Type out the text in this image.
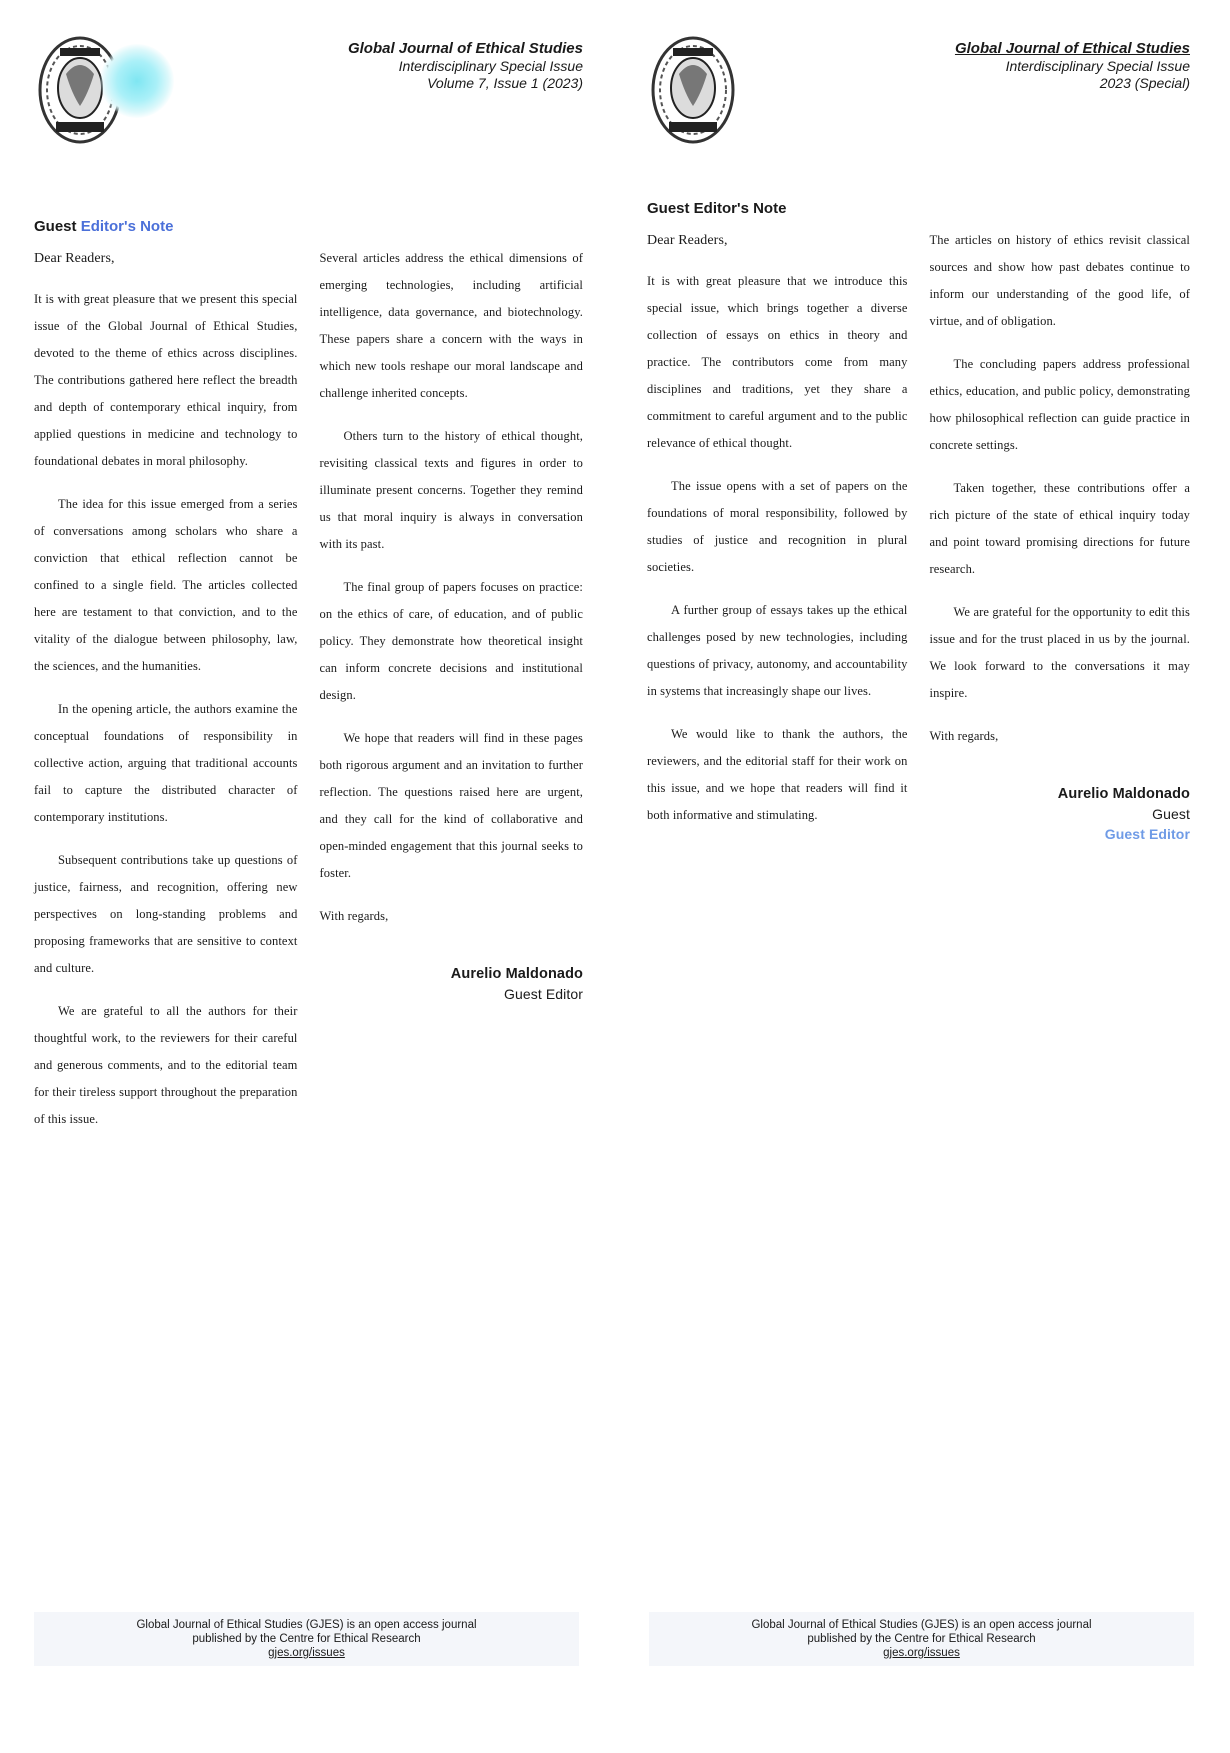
Global Journal of Ethical Studies
Interdisciplinary Special Issue
Volume 7, Issue 1 (2023)
Guest Editor's Note
Dear Readers,

It is with great pleasure that we present this special issue of the Global Journal of Ethical Studies, devoted to the theme of ethics across disciplines. The contributions gathered here reflect the breadth and depth of contemporary ethical inquiry, from applied questions in medicine and technology to foundational debates in moral philosophy.

The idea for this issue emerged from a series of conversations among scholars who share a conviction that ethical reflection cannot be confined to a single field. The articles collected here are testament to that conviction, and to the vitality of the dialogue between philosophy, law, the sciences, and the humanities.

In the opening article, the authors examine the conceptual foundations of responsibility in collective action, arguing that traditional accounts fail to capture the distributed character of contemporary institutions.

Subsequent contributions take up questions of justice, fairness, and recognition, offering new perspectives on long-standing problems and proposing frameworks that are sensitive to context and culture.

We are grateful to all the authors for their thoughtful work, to the reviewers for their careful and generous comments, and to the editorial team for their tireless support throughout the preparation of this issue.

Several articles address the ethical dimensions of emerging technologies, including artificial intelligence, data governance, and biotechnology. These papers share a concern with the ways in which new tools reshape our moral landscape and challenge inherited concepts.

Others turn to the history of ethical thought, revisiting classical texts and figures in order to illuminate present concerns. Together they remind us that moral inquiry is always in conversation with its past.

The final group of papers focuses on practice: on the ethics of care, of education, and of public policy. They demonstrate how theoretical insight can inform concrete decisions and institutional design.

We hope that readers will find in these pages both rigorous argument and an invitation to further reflection. The questions raised here are urgent, and they call for the kind of collaborative and open-minded engagement that this journal seeks to foster.

With regards,

Aurelio Maldonado
Guest Editor
Global Journal of Ethical Studies (GJES) is an open access journal
published by the Centre for Ethical Research
gjes.org/issues
Global Journal of Ethical Studies
Interdisciplinary Special Issue
2023 (Special)
Guest Editor's Note
Dear Readers,

It is with great pleasure that we introduce this special issue, which brings together a diverse collection of essays on ethics in theory and practice. The contributors come from many disciplines and traditions, yet they share a commitment to careful argument and to the public relevance of ethical thought.

The issue opens with a set of papers on the foundations of moral responsibility, followed by studies of justice and recognition in plural societies.

A further group of essays takes up the ethical challenges posed by new technologies, including questions of privacy, autonomy, and accountability in systems that increasingly shape our lives.

We would like to thank the authors, the reviewers, and the editorial staff for their work on this issue, and we hope that readers will find it both informative and stimulating.

The articles on history of ethics revisit classical sources and show how past debates continue to inform our understanding of the good life, of virtue, and of obligation.

The concluding papers address professional ethics, education, and public policy, demonstrating how philosophical reflection can guide practice in concrete settings.

Taken together, these contributions offer a rich picture of the state of ethical inquiry today and point toward promising directions for future research.

We are grateful for the opportunity to edit this issue and for the trust placed in us by the journal. We look forward to the conversations it may inspire.

With regards,

Aurelio Maldonado
Guest
Guest Editor
Global Journal of Ethical Studies (GJES) is an open access journal
published by the Centre for Ethical Research
gjes.org/issues
